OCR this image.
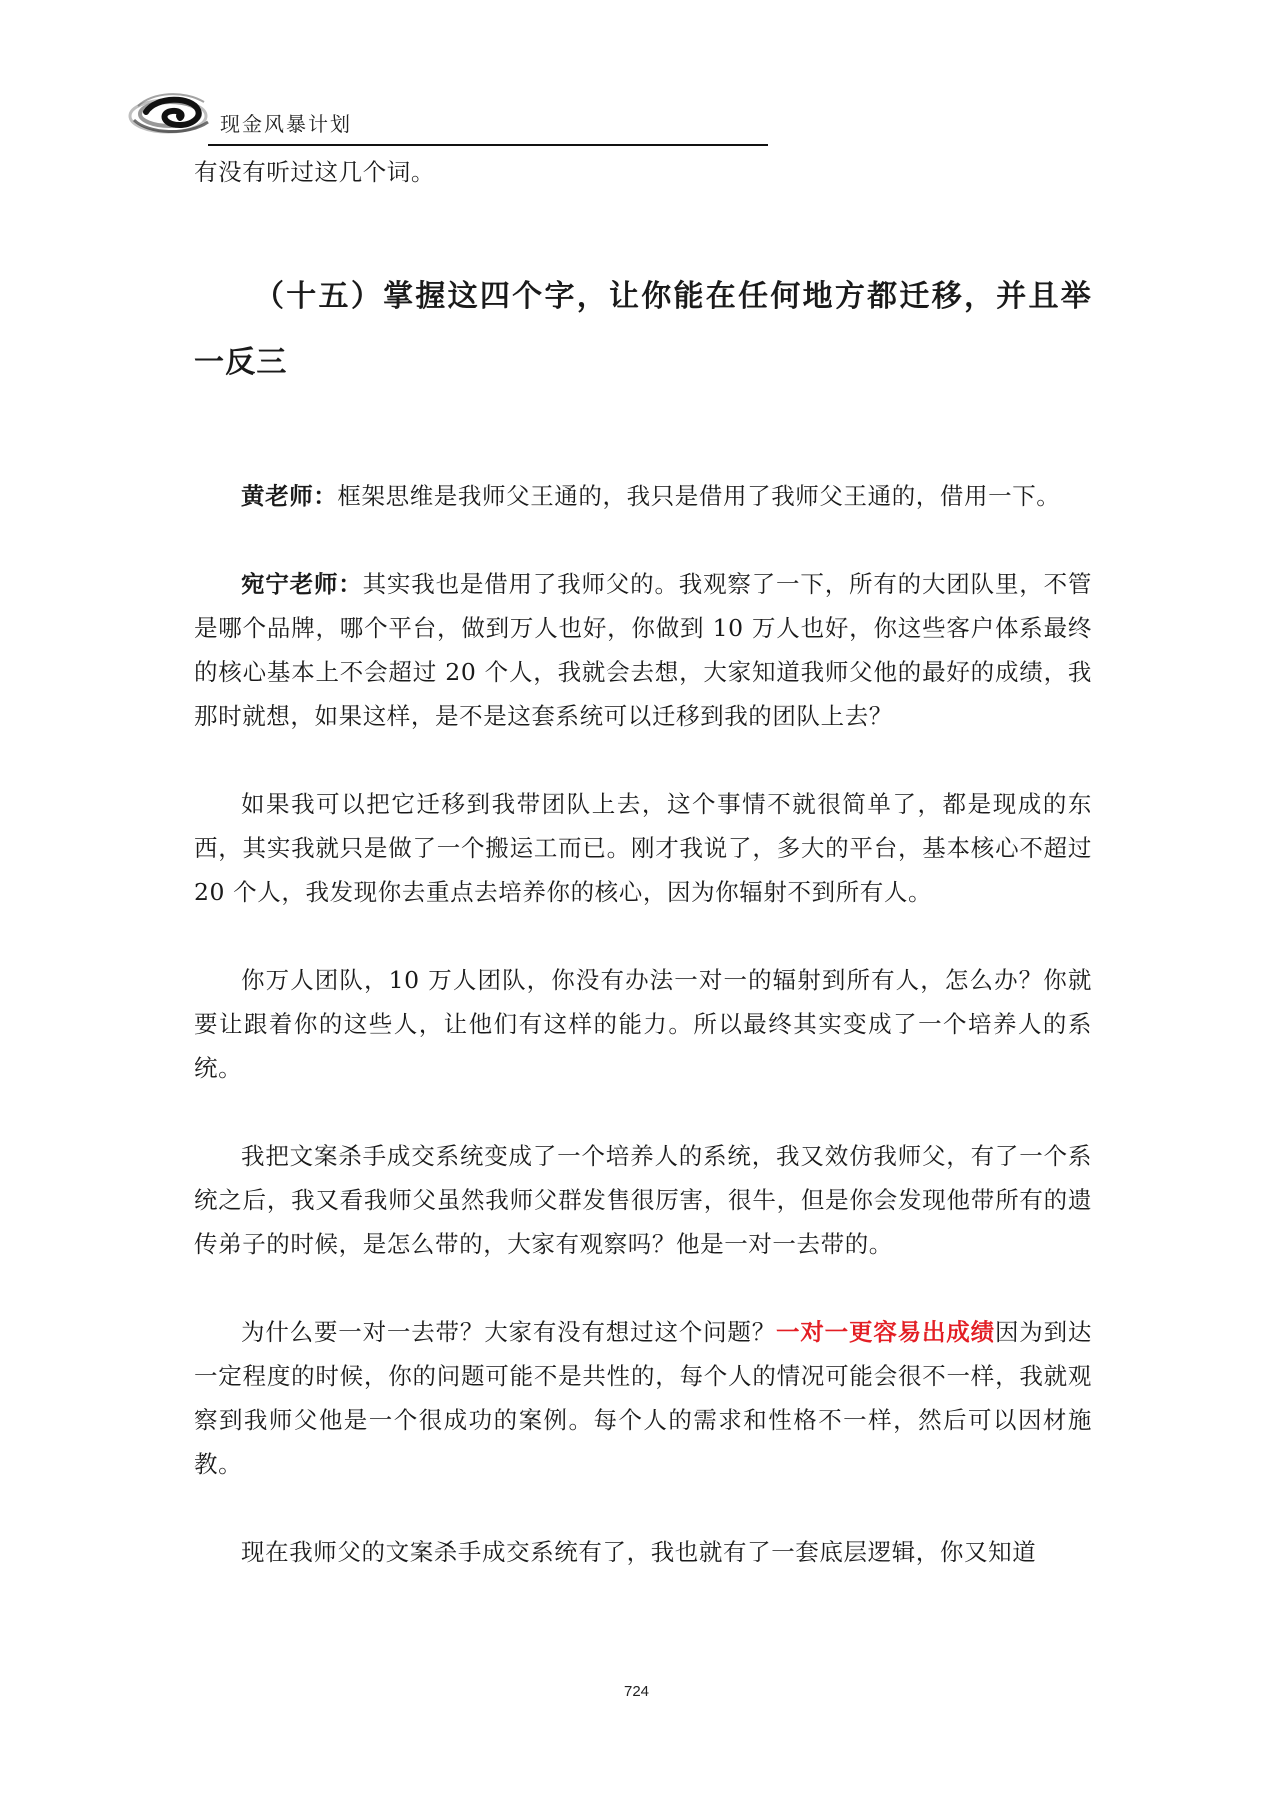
现金风暴计划

有没有听过这几个词。

（十五）掌握这四个字，让你能在任何地方都迁移，并且举一反三

黄老师：框架思维是我师父王通的，我只是借用了我师父王通的，借用一下。

宛宁老师：其实我也是借用了我师父的。我观察了一下，所有的大团队里，不管是哪个品牌，哪个平台，做到万人也好，你做到 10 万人也好，你这些客户体系最终的核心基本上不会超过 20 个人，我就会去想，大家知道我师父他的最好的成绩，我那时就想，如果这样，是不是这套系统可以迁移到我的团队上去？

如果我可以把它迁移到我带团队上去，这个事情不就很简单了，都是现成的东西，其实我就只是做了一个搬运工而已。刚才我说了，多大的平台，基本核心不超过 20 个人，我发现你去重点去培养你的核心，因为你辐射不到所有人。

你万人团队，10 万人团队，你没有办法一对一的辐射到所有人，怎么办？你就要让跟着你的这些人，让他们有这样的能力。所以最终其实变成了一个培养人的系统。

我把文案杀手成交系统变成了一个培养人的系统，我又效仿我师父，有了一个系统之后，我又看我师父虽然我师父群发售很厉害，很牛，但是你会发现他带所有的遗传弟子的时候，是怎么带的，大家有观察吗？他是一对一去带的。

为什么要一对一去带？大家有没有想过这个问题？一对一更容易出成绩因为到达一定程度的时候，你的问题可能不是共性的，每个人的情况可能会很不一样，我就观察到我师父他是一个很成功的案例。每个人的需求和性格不一样，然后可以因材施教。

现在我师父的文案杀手成交系统有了，我也就有了一套底层逻辑，你又知道

724
